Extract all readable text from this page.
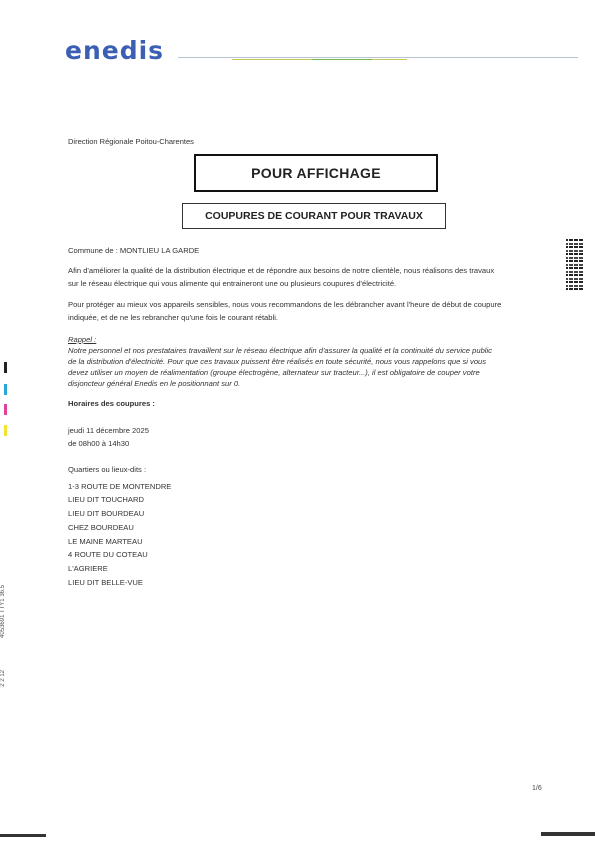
enedis
Direction Régionale Poitou-Charentes
POUR AFFICHAGE
COUPURES DE COURANT POUR TRAVAUX
Commune de : MONTLIEU LA GARDE
Afin d'améliorer la qualité de la distribution électrique et de répondre aux besoins de notre clientèle, nous réalisons des travaux
sur le réseau électrique qui vous alimente qui entraineront une ou plusieurs coupures d'électricité.
Pour protéger au mieux vos appareils sensibles, nous vous recommandons de les débrancher avant l'heure de début de coupure
indiquée, et de ne les rebrancher qu'une fois le courant rétabli.
Rappel :
Notre personnel et nos prestataires travaillent sur le réseau électrique afin d'assurer la qualité et la continuité du service public
de la distribution d'électricité. Pour que ces travaux puissent être réalisés en toute sécurité, nous vous rappelons que si vous
devez utiliser un moyen de réalimentation (groupe électrogène, alternateur sur tracteur...), il est obligatoire de couper votre
disjoncteur général Enedis en le positionnant sur 0.
Horaires des coupures :
jeudi 11 décembre 2025
de 08h00 à 14h30
Quartiers ou lieux-dits :
1-3 ROUTE DE MONTENDRE
LIEU DIT TOUCHARD
LIEU DIT BOURDEAU
CHEZ BOURDEAU
LE MAINE MARTEAU
4 ROUTE DU COTEAU
L'AGRIERE
LIEU DIT BELLE-VUE
4053691 TTY1 36.5
2 2 12
1/6
